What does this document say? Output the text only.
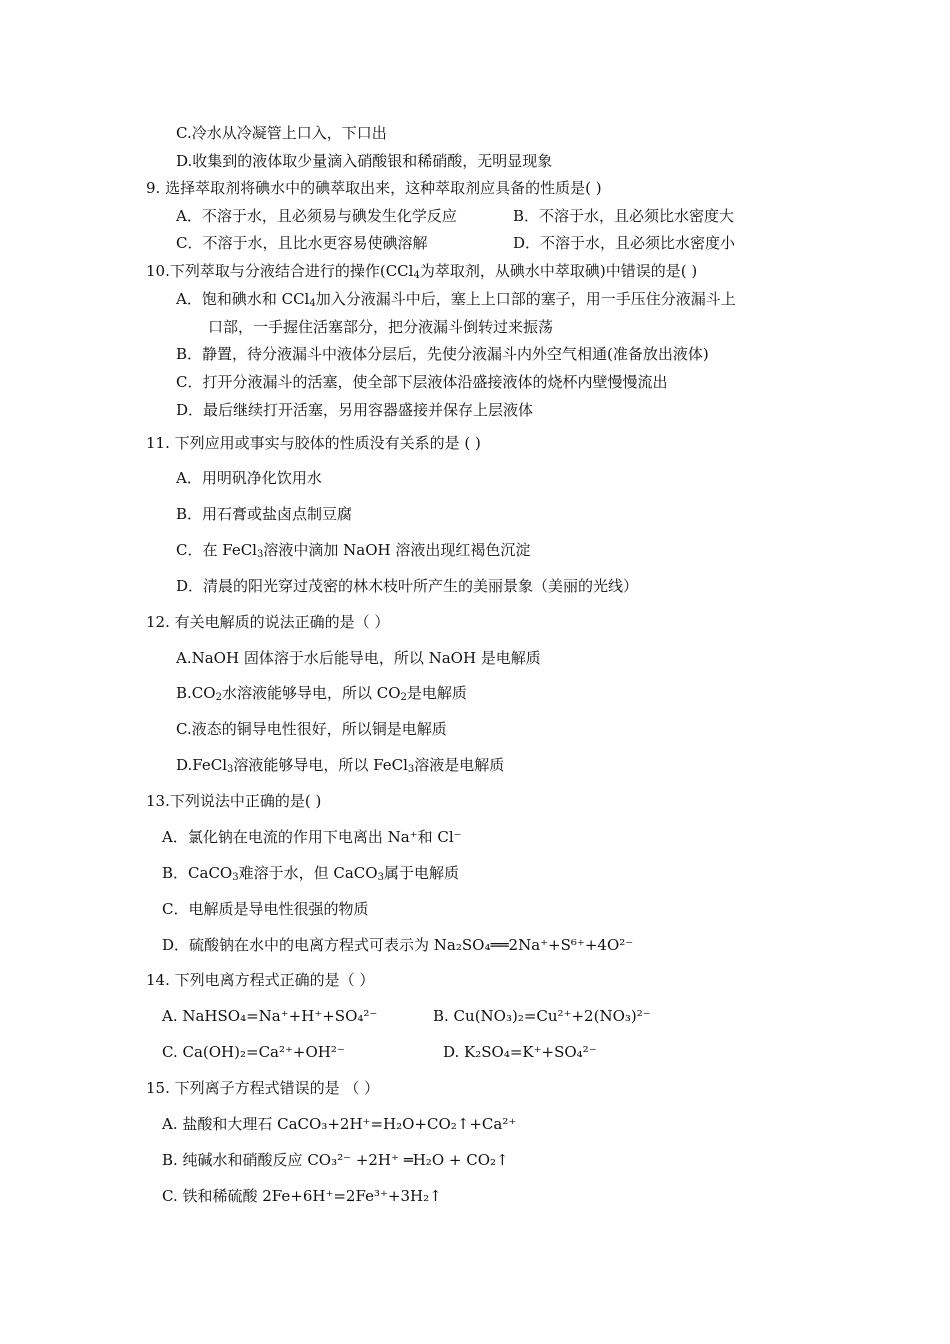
C.冷水从冷凝管上口入，下口出
D.收集到的液体取少量滴入硝酸银和稀硝酸，无明显现象
9. 选择萃取剂将碘水中的碘萃取出来，这种萃取剂应具备的性质是( )
A．不溶于水，且必须易与碘发生化学反应	B．不溶于水，且必须比水密度大
C．不溶于水，且比水更容易使碘溶解	D．不溶于水，且必须比水密度小
10.下列萃取与分液结合进行的操作(CCl$_4$为萃取剂，从碘水中萃取碘)中错误的是( )
A．饱和碘水和 CCl$_4$加入分液漏斗中后，塞上上口部的塞子，用一手压住分液漏斗上
口部，一手握住活塞部分，把分液漏斗倒转过来振荡
B．静置，待分液漏斗中液体分层后，先使分液漏斗内外空气相通(准备放出液体)
C．打开分液漏斗的活塞，使全部下层液体沿盛接液体的烧杯内壁慢慢流出
D．最后继续打开活塞，另用容器盛接并保存上层液体
11. 下列应用或事实与胶体的性质没有关系的是 ( )
A．用明矾净化饮用水
B．用石膏或盐卤点制豆腐
C．在 FeCl$_3$溶液中滴加 NaOH 溶液出现红褐色沉淀
D．清晨的阳光穿过茂密的林木枝叶所产生的美丽景象（美丽的光线）
12. 有关电解质的说法正确的是（ ）
A.NaOH 固体溶于水后能导电，所以 NaOH 是电解质
$B.CO_2$水溶液能够导电，所以 $CO_2$是电解质
C.液态的铜导电性很好，所以铜是电解质
D.FeCl$_3$溶液能够导电，所以 FeCl$_3$溶液是电解质
13.下列说法中正确的是( )
A．氯化钠在电流的作用下电离出 Na⁺和 Cl⁻
B．CaCO$_3$难溶于水，但 CaCO$_3$属于电解质
C．电解质是导电性很强的物质
D．硫酸钠在水中的电离方程式可表示为 Na₂SO₄══2Na⁺+S⁶⁺+4O²⁻
14. 下列电离方程式正确的是（ ）
A. NaHSO₄=Na⁺+H⁺+SO₄²⁻	B. Cu(NO₃)₂=Cu²⁺+2(NO₃)²⁻
C. Ca(OH)₂=Ca²⁺+OH²⁻	D. K₂SO₄=K⁺+SO₄²⁻
15. 下列离子方程式错误的是 （ ）
A. 盐酸和大理石 CaCO₃+2H⁺=H₂O+CO₂↑+Ca²⁺
B. 纯碱水和硝酸反应 CO₃²⁻ +2H⁺ ═H₂O + CO₂↑
C. 铁和稀硫酸 2Fe+6H⁺=2Fe³⁺+3H₂↑
